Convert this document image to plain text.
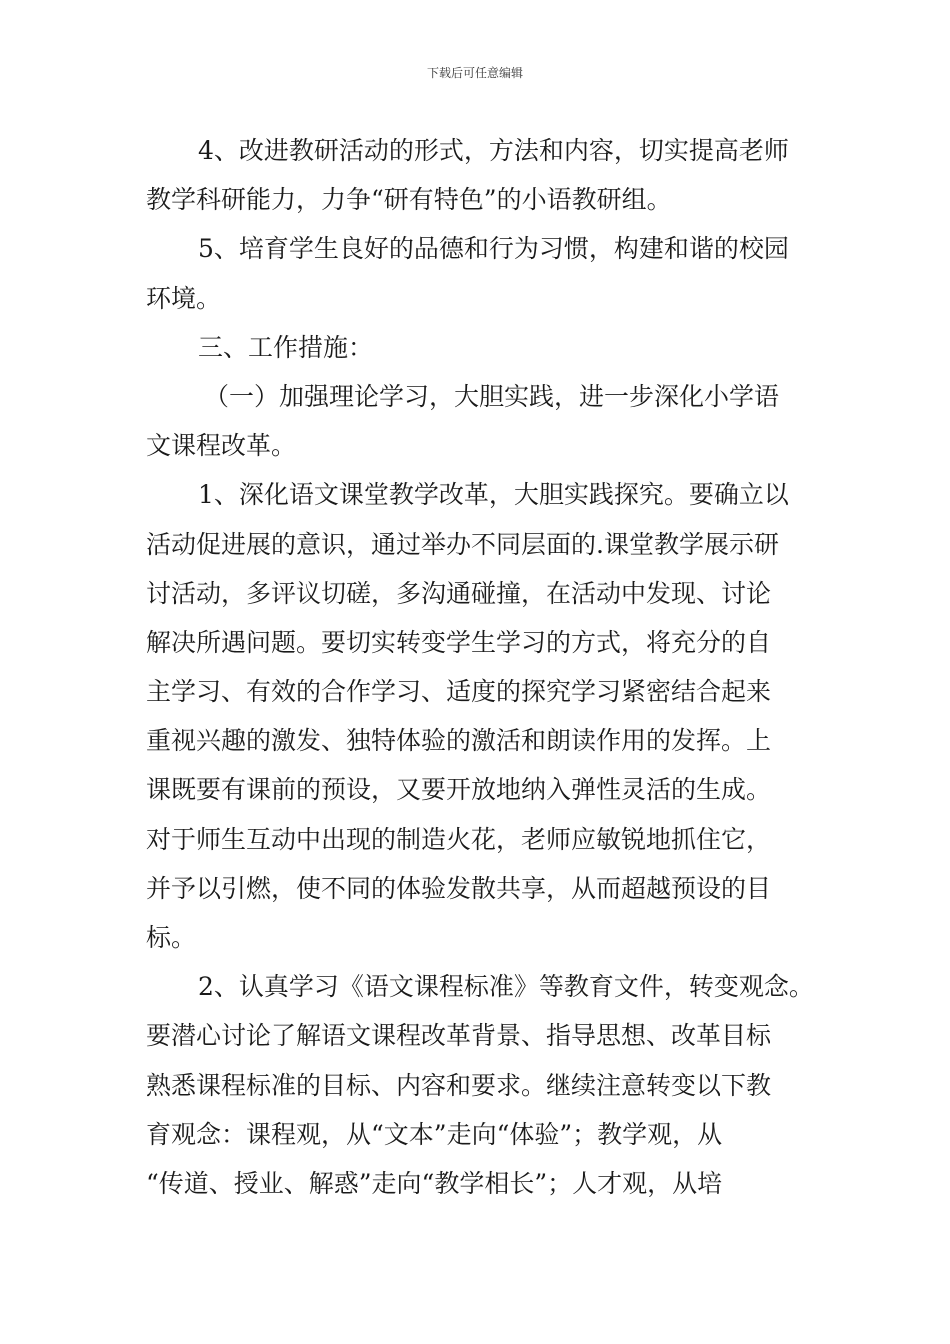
下载后可任意编辑
4、改进教研活动的形式，方法和内容，切实提高老师
教学科研能力，力争“研有特色”的小语教研组。
5、培育学生良好的品德和行为习惯，构建和谐的校园
环境。
三、工作措施：
（一）加强理论学习，大胆实践，进一步深化小学语
文课程改革。
1、深化语文课堂教学改革，大胆实践探究。要确立以
活动促进展的意识，通过举办不同层面的.课堂教学展示研
讨活动，多评议切磋，多沟通碰撞，在活动中发现、讨论
解决所遇问题。要切实转变学生学习的方式，将充分的自
主学习、有效的合作学习、适度的探究学习紧密结合起来
重视兴趣的激发、独特体验的激活和朗读作用的发挥。上
课既要有课前的预设，又要开放地纳入弹性灵活的生成。
对于师生互动中出现的制造火花，老师应敏锐地抓住它，
并予以引燃，使不同的体验发散共享，从而超越预设的目
标。
2、认真学习《语文课程标准》等教育文件，转变观念。
要潜心讨论了解语文课程改革背景、指导思想、改革目标
熟悉课程标准的目标、内容和要求。继续注意转变以下教
育观念：课程观，从“文本”走向“体验”；教学观，从
“传道、授业、解惑”走向“教学相长”；人才观，从培
